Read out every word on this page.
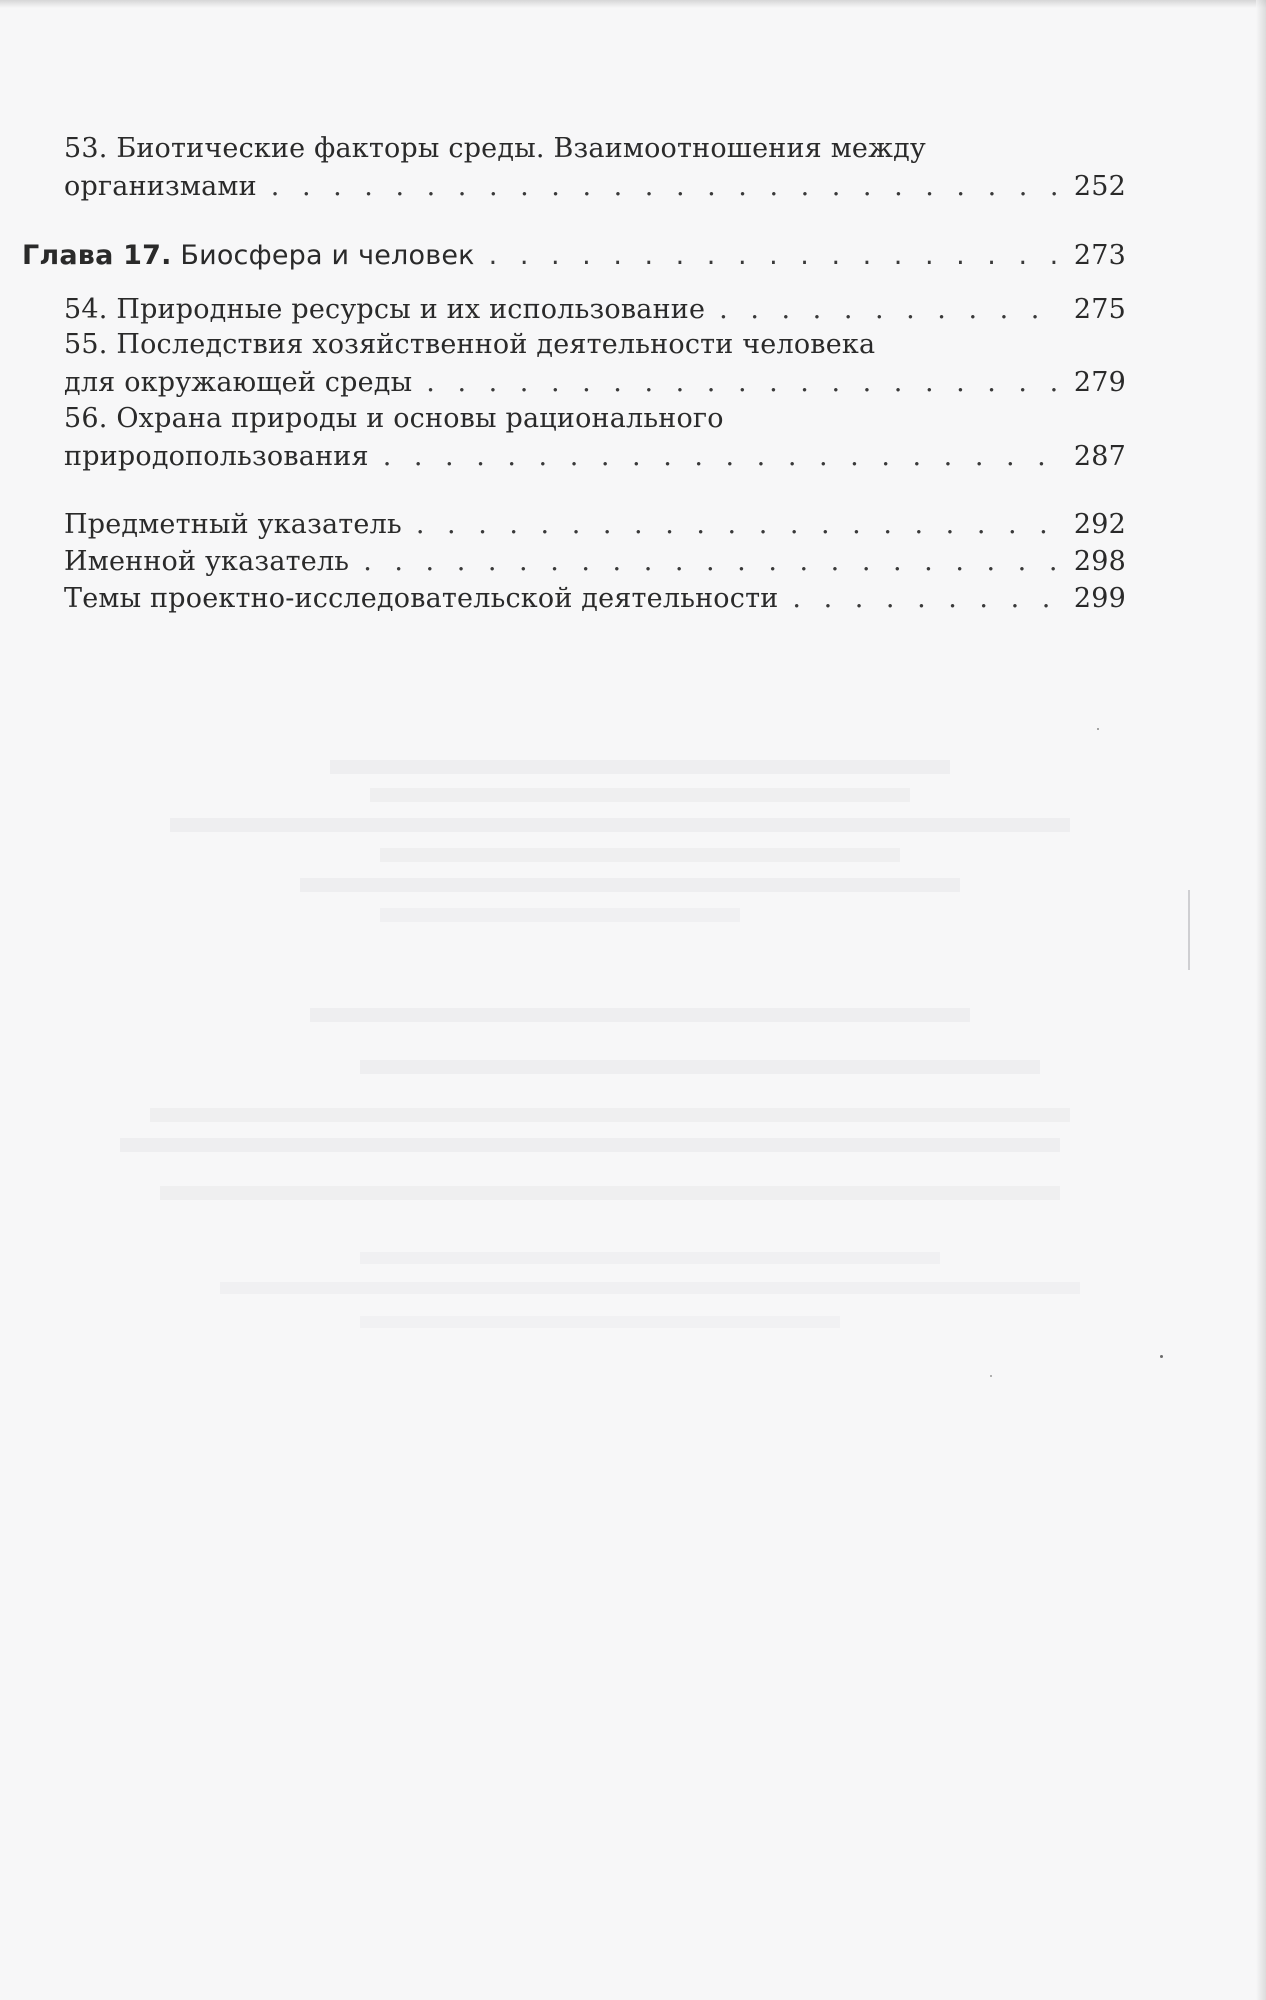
53. Биотические факторы среды. Взаимоотношения между
организмами . . .	252
Глава 17. Биосфера и человек . . .	273
54. Природные ресурсы и их использование . . .	275
55. Последствия хозяйственной деятельности человека
для окружающей среды . . .	279
56. Охрана природы и основы рационального
природопользования . . .	287
Предметный указатель . . .	292
Именной указатель . . .	298
Темы проектно-исследовательской деятельности . . .	299
